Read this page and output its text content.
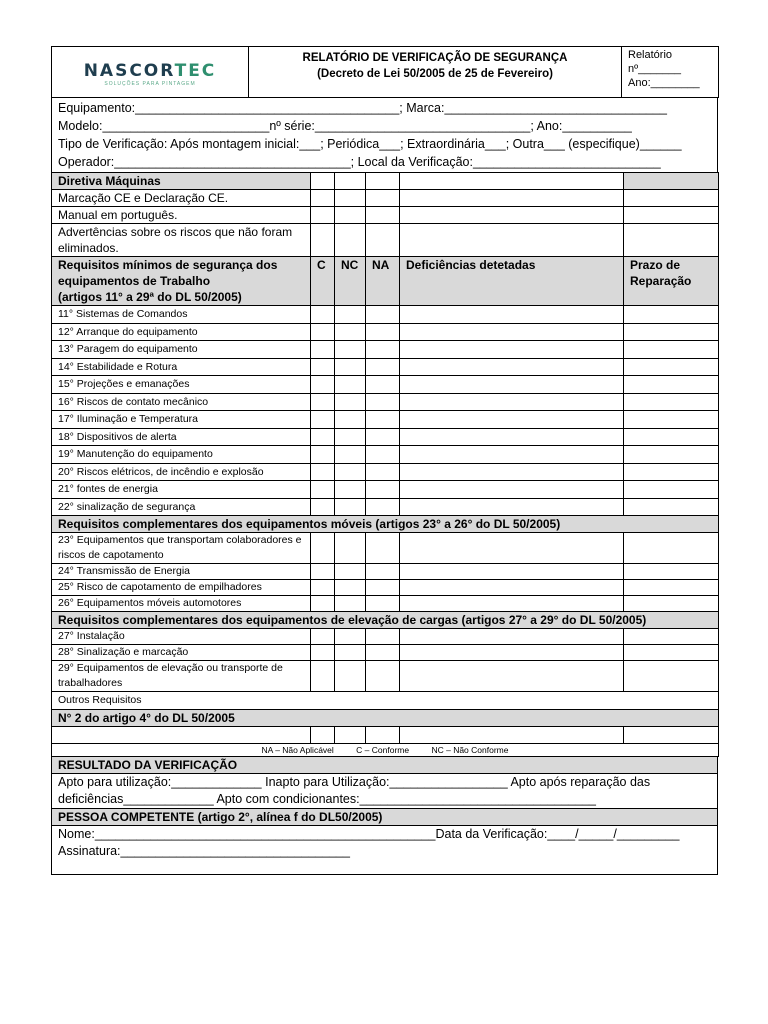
NASCORTEC
SOLUÇÕES PARA PINTAGEM

RELATÓRIO DE VERIFICAÇÃO DE SEGURANÇA
(Decreto de Lei 50/2005 de 25 de Fevereiro)

Relatório
nº_______
Ano:________
Equipamento:______________________________________; Marca:________________________________
Modelo:________________________nº série:_______________________________; Ano:__________
Tipo de Verificação: Após montagem inicial:___; Periódica___; Extraordinária___; Outra___ (especifique)______
Operador:__________________________________; Local da Verificação:___________________________
Diretiva Máquinas					
Marcação CE e Declaração CE.					
Manual em português.					
Advertências sobre os riscos que não foram eliminados.					

Requisitos mínimos de segurança dos equipamentos de Trabalho
(artigos 11° a 29ª do DL 50/2005)	C	NC	NA	Deficiências detetadas	Prazo de Reparação
11° Sistemas de Comandos					
12° Arranque do equipamento					
13° Paragem do equipamento					
14° Estabilidade e Rotura					
15° Projeções e emanações					
16° Riscos de contato mecânico					
17° Iluminação e Temperatura					
18° Dispositivos de alerta					
19° Manutenção do equipamento					
20° Riscos elétricos, de incêndio e explosão					
21° fontes de energia					
22° sinalização de segurança					
Requisitos complementares dos equipamentos móveis (artigos 23° a 26° do DL 50/2005)					
23° Equipamentos que transportam colaboradores e riscos de capotamento					
24° Transmissão de Energia					
25° Risco de capotamento de empilhadores					
26° Equipamentos móveis automotores					
Requisitos complementares dos equipamentos de elevação de cargas (artigos 27° a 29° do DL 50/2005)					
27° Instalação					
28° Sinalização e marcação					
29° Equipamentos de elevação ou transporte de trabalhadores					
Outros Requisitos					
N° 2 do artigo 4° do DL 50/2005					

NA – Não Aplicável C – Conforme NC – Não Conforme					
RESULTADO DA VERIFICAÇÃO

Apto para utilização:_____________ Inapto para Utilização:_________________ Apto após reparação das
deficiências_____________ Apto com condicionantes:__________________________________

PESSOA COMPETENTE (artigo 2°, alínea f do DL50/2005)

Nome:_________________________________________________Data da Verificação:____/_____/_________
Assinatura:_________________________________
